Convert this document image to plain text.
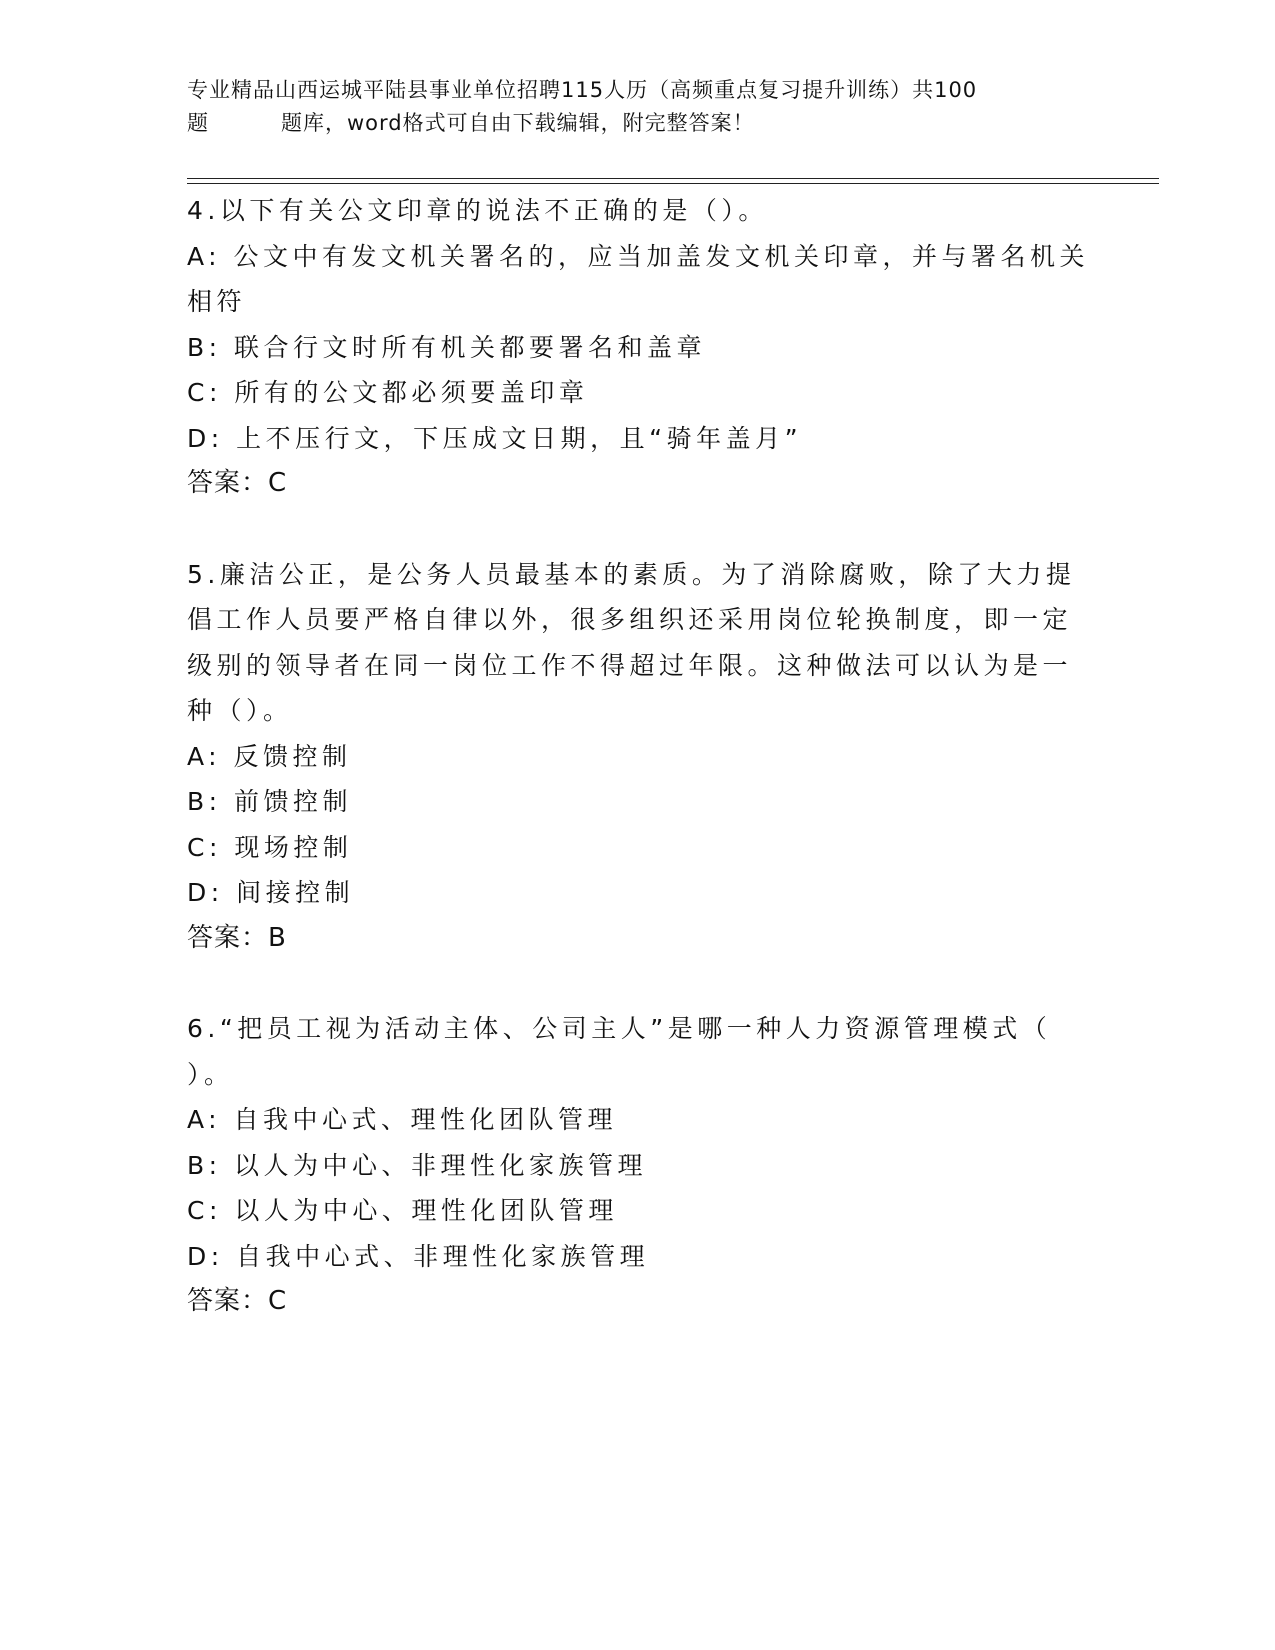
专业精品山西运城平陆县事业单位招聘115人历（高频重点复习提升训练）共100
题	题库，word格式可自由下载编辑，附完整答案！
4.以下有关公文印章的说法不正确的是（）。
A: 公文中有发文机关署名的，应当加盖发文机关印章，并与署名机关
相符
B: 联合行文时所有机关都要署名和盖章
C: 所有的公文都必须要盖印章
D: 上不压行文，下压成文日期，且“骑年盖月”
答案：C
5.廉洁公正，是公务人员最基本的素质。为了消除腐败，除了大力提
倡工作人员要严格自律以外，很多组织还采用岗位轮换制度，即一定
级别的领导者在同一岗位工作不得超过年限。这种做法可以认为是一
种（）。
A: 反馈控制
B: 前馈控制
C: 现场控制
D: 间接控制
答案：B
6.“把员工视为活动主体、公司主人”是哪一种人力资源管理模式（
）。
A: 自我中心式、理性化团队管理
B: 以人为中心、非理性化家族管理
C: 以人为中心、理性化团队管理
D: 自我中心式、非理性化家族管理
答案：C
